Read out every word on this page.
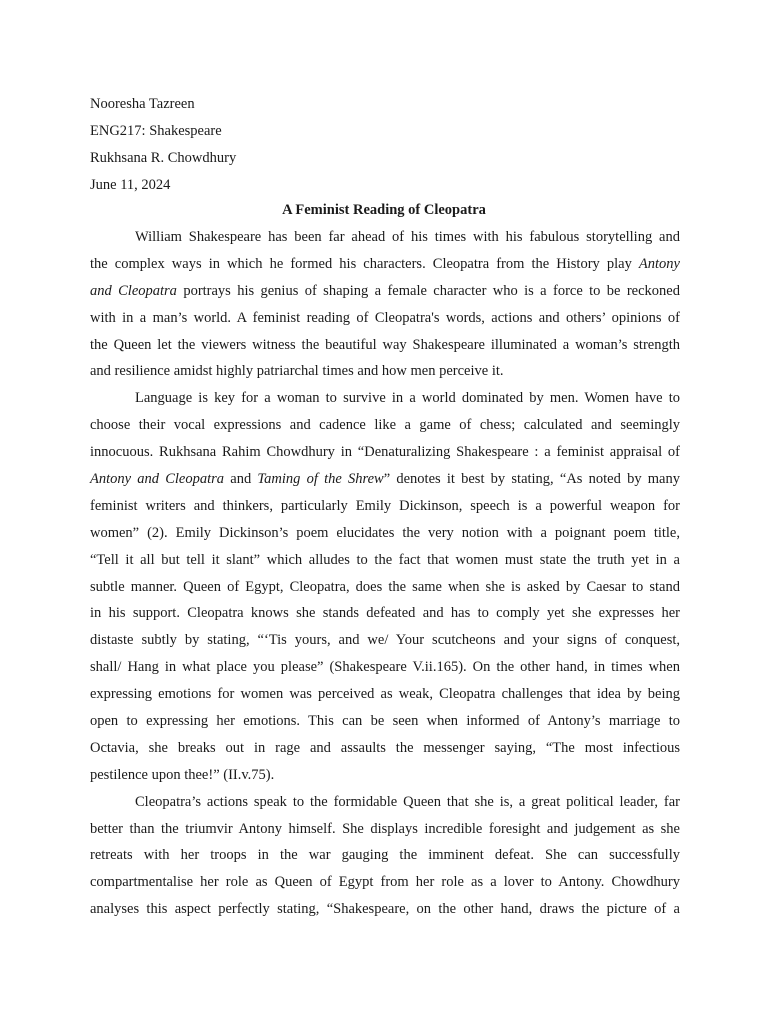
Nooresha Tazreen
ENG217: Shakespeare
Rukhsana R. Chowdhury
June 11, 2024
A Feminist Reading of Cleopatra
William Shakespeare has been far ahead of his times with his fabulous storytelling and
the complex ways in which he formed his characters. Cleopatra from the History play Antony
and Cleopatra portrays his genius of shaping a female character who is a force to be reckoned
with in a man’s world. A feminist reading of Cleopatra's words, actions and others’ opinions of
the Queen let the viewers witness the beautiful way Shakespeare illuminated a woman’s strength
and resilience amidst highly patriarchal times and how men perceive it.
Language is key for a woman to survive in a world dominated by men. Women have to
choose their vocal expressions and cadence like a game of chess; calculated and seemingly
innocuous. Rukhsana Rahim Chowdhury in “Denaturalizing Shakespeare : a feminist appraisal of
Antony and Cleopatra and Taming of the Shrew” denotes it best by stating, “As noted by many
feminist writers and thinkers, particularly Emily Dickinson, speech is a powerful weapon for
women” (2). Emily Dickinson’s poem elucidates the very notion with a poignant poem title,
“Tell it all but tell it slant” which alludes to the fact that women must state the truth yet in a
subtle manner. Queen of Egypt, Cleopatra, does the same when she is asked by Caesar to stand
in his support. Cleopatra knows she stands defeated and has to comply yet she expresses her
distaste subtly by stating, “‘Tis yours, and we/ Your scutcheons and your signs of conquest,
shall/ Hang in what place you please” (Shakespeare V.ii.165). On the other hand, in times when
expressing emotions for women was perceived as weak, Cleopatra challenges that idea by being
open to expressing her emotions. This can be seen when informed of Antony’s marriage to
Octavia, she breaks out in rage and assaults the messenger saying, “The most infectious
pestilence upon thee!” (II.v.75).
Cleopatra’s actions speak to the formidable Queen that she is, a great political leader, far
better than the triumvir Antony himself. She displays incredible foresight and judgement as she
retreats with her troops in the war gauging the imminent defeat. She can successfully
compartmentalise her role as Queen of Egypt from her role as a lover to Antony. Chowdhury
analyses this aspect perfectly stating, “Shakespeare, on the other hand, draws the picture of a
